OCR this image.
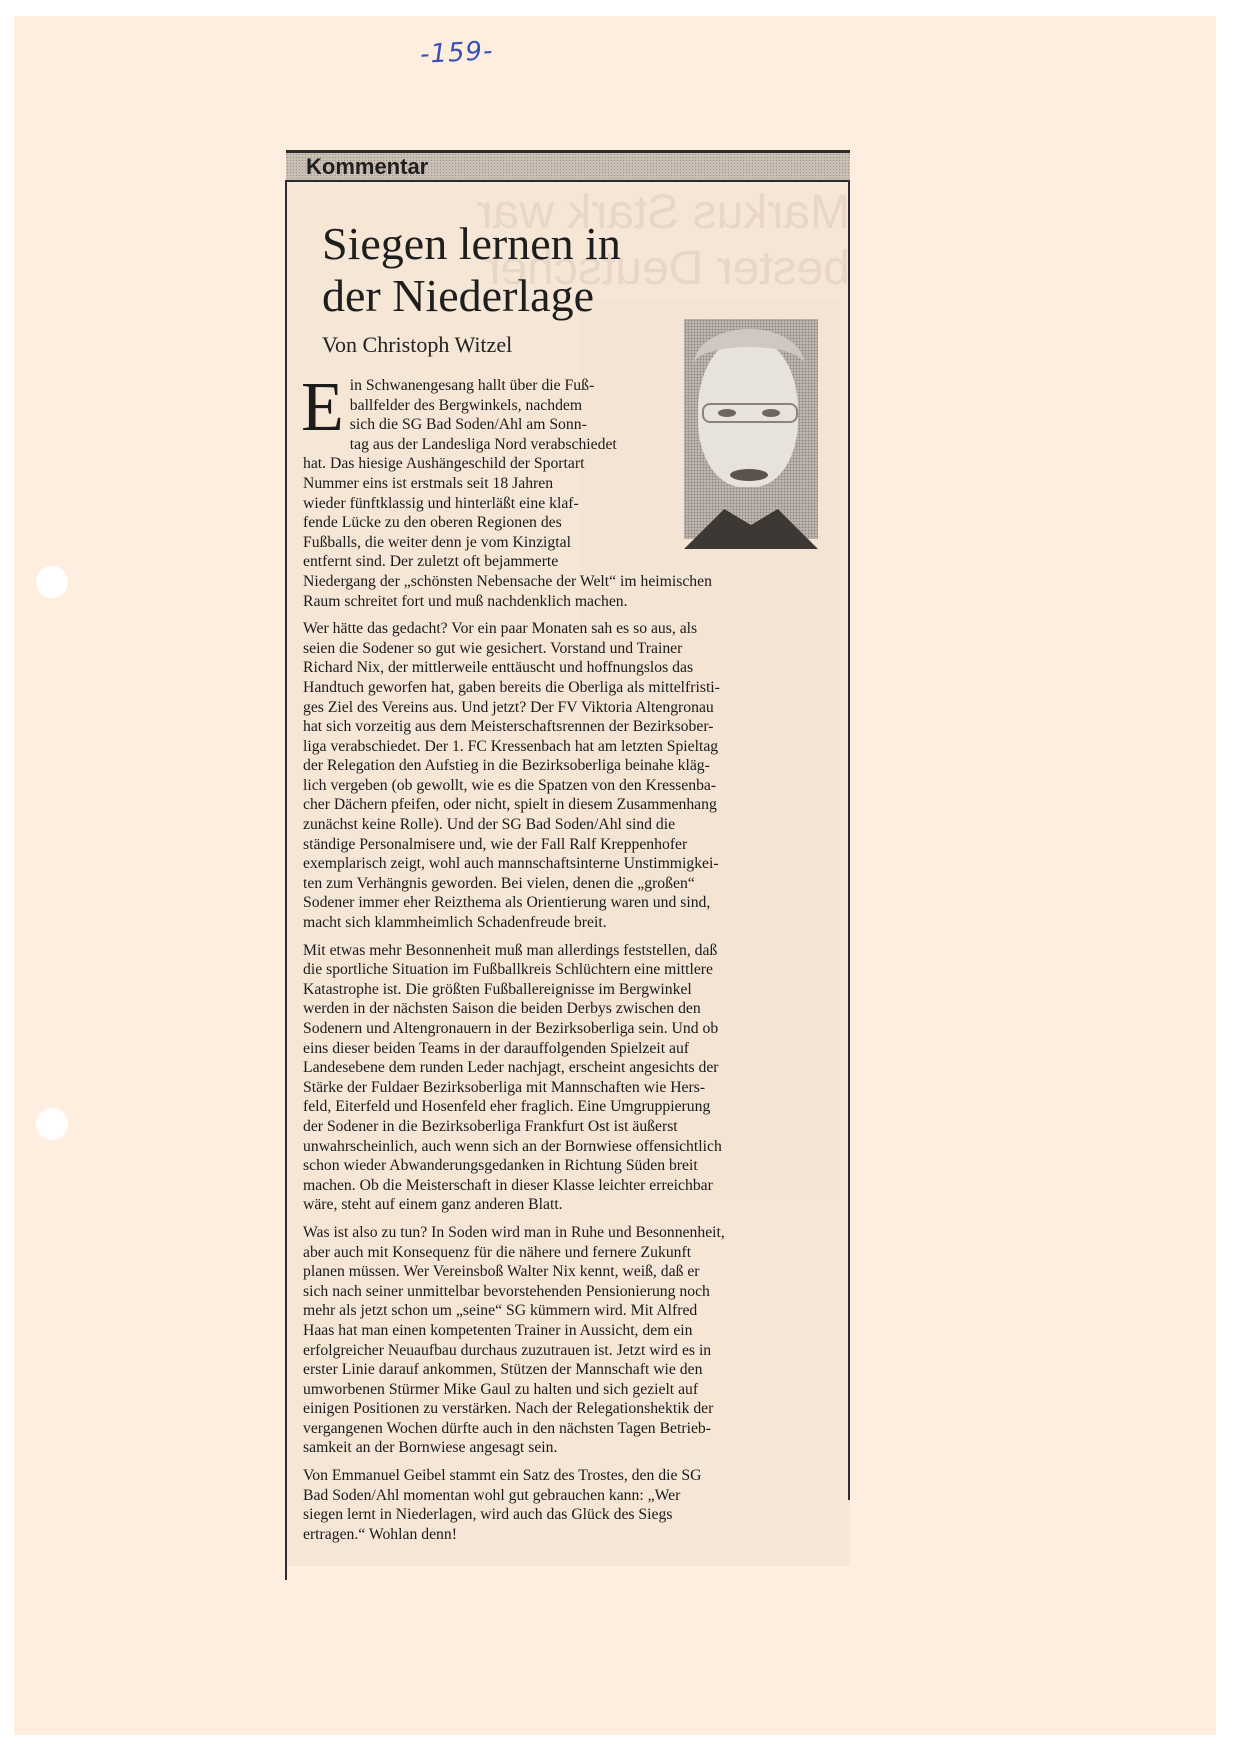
-159-
Kommentar
Siegen lernen in
der Niederlage
Von Christoph Witzel
E in Schwanengesang hallt über die Fuß-
ballfelder des Bergwinkels, nachdem
sich die SG Bad Soden/Ahl am Sonn-
tag aus der Landesliga Nord verabschiedet
hat. Das hiesige Aushängeschild der Sportart
Nummer eins ist erstmals seit 18 Jahren
wieder fünftklassig und hinterläßt eine klaf-
fende Lücke zu den oberen Regionen des
Fußballs, die weiter denn je vom Kinzigtal
entfernt sind. Der zuletzt oft bejammerte
Niedergang der „schönsten Nebensache der Welt“ im heimischen
Raum schreitet fort und muß nachdenklich machen.
Wer hätte das gedacht? Vor ein paar Monaten sah es so aus, als
seien die Sodener so gut wie gesichert. Vorstand und Trainer
Richard Nix, der mittlerweile enttäuscht und hoffnungslos das
Handtuch geworfen hat, gaben bereits die Oberliga als mittelfristi-
ges Ziel des Vereins aus. Und jetzt? Der FV Viktoria Altengronau
hat sich vorzeitig aus dem Meisterschaftsrennen der Bezirksober-
liga verabschiedet. Der 1. FC Kressenbach hat am letzten Spieltag
der Relegation den Aufstieg in die Bezirksoberliga beinahe kläg-
lich vergeben (ob gewollt, wie es die Spatzen von den Kressenba-
cher Dächern pfeifen, oder nicht, spielt in diesem Zusammenhang
zunächst keine Rolle). Und der SG Bad Soden/Ahl sind die
ständige Personalmisere und, wie der Fall Ralf Kreppenhofer
exemplarisch zeigt, wohl auch mannschaftsinterne Unstimmigkei-
ten zum Verhängnis geworden. Bei vielen, denen die „großen“
Sodener immer eher Reizthema als Orientierung waren und sind,
macht sich klammheimlich Schadenfreude breit.
Mit etwas mehr Besonnenheit muß man allerdings feststellen, daß
die sportliche Situation im Fußballkreis Schlüchtern eine mittlere
Katastrophe ist. Die größten Fußballereignisse im Bergwinkel
werden in der nächsten Saison die beiden Derbys zwischen den
Sodenern und Altengronauern in der Bezirksoberliga sein. Und ob
eins dieser beiden Teams in der darauffolgenden Spielzeit auf
Landesebene dem runden Leder nachjagt, erscheint angesichts der
Stärke der Fuldaer Bezirksoberliga mit Mannschaften wie Hers-
feld, Eiterfeld und Hosenfeld eher fraglich. Eine Umgruppierung
der Sodener in die Bezirksoberliga Frankfurt Ost ist äußerst
unwahrscheinlich, auch wenn sich an der Bornwiese offensichtlich
schon wieder Abwanderungsgedanken in Richtung Süden breit
machen. Ob die Meisterschaft in dieser Klasse leichter erreichbar
wäre, steht auf einem ganz anderen Blatt.
Was ist also zu tun? In Soden wird man in Ruhe und Besonnenheit,
aber auch mit Konsequenz für die nähere und fernere Zukunft
planen müssen. Wer Vereinsboß Walter Nix kennt, weiß, daß er
sich nach seiner unmittelbar bevorstehenden Pensionierung noch
mehr als jetzt schon um „seine“ SG kümmern wird. Mit Alfred
Haas hat man einen kompetenten Trainer in Aussicht, dem ein
erfolgreicher Neuaufbau durchaus zuzutrauen ist. Jetzt wird es in
erster Linie darauf ankommen, Stützen der Mannschaft wie den
umworbenen Stürmer Mike Gaul zu halten und sich gezielt auf
einigen Positionen zu verstärken. Nach der Relegationshektik der
vergangenen Wochen dürfte auch in den nächsten Tagen Betrieb-
samkeit an der Bornwiese angesagt sein.
Von Emmanuel Geibel stammt ein Satz des Trostes, den die SG
Bad Soden/Ahl momentan wohl gut gebrauchen kann: „Wer
siegen lernt in Niederlagen, wird auch das Glück des Siegs
ertragen.“ Wohlan denn!
